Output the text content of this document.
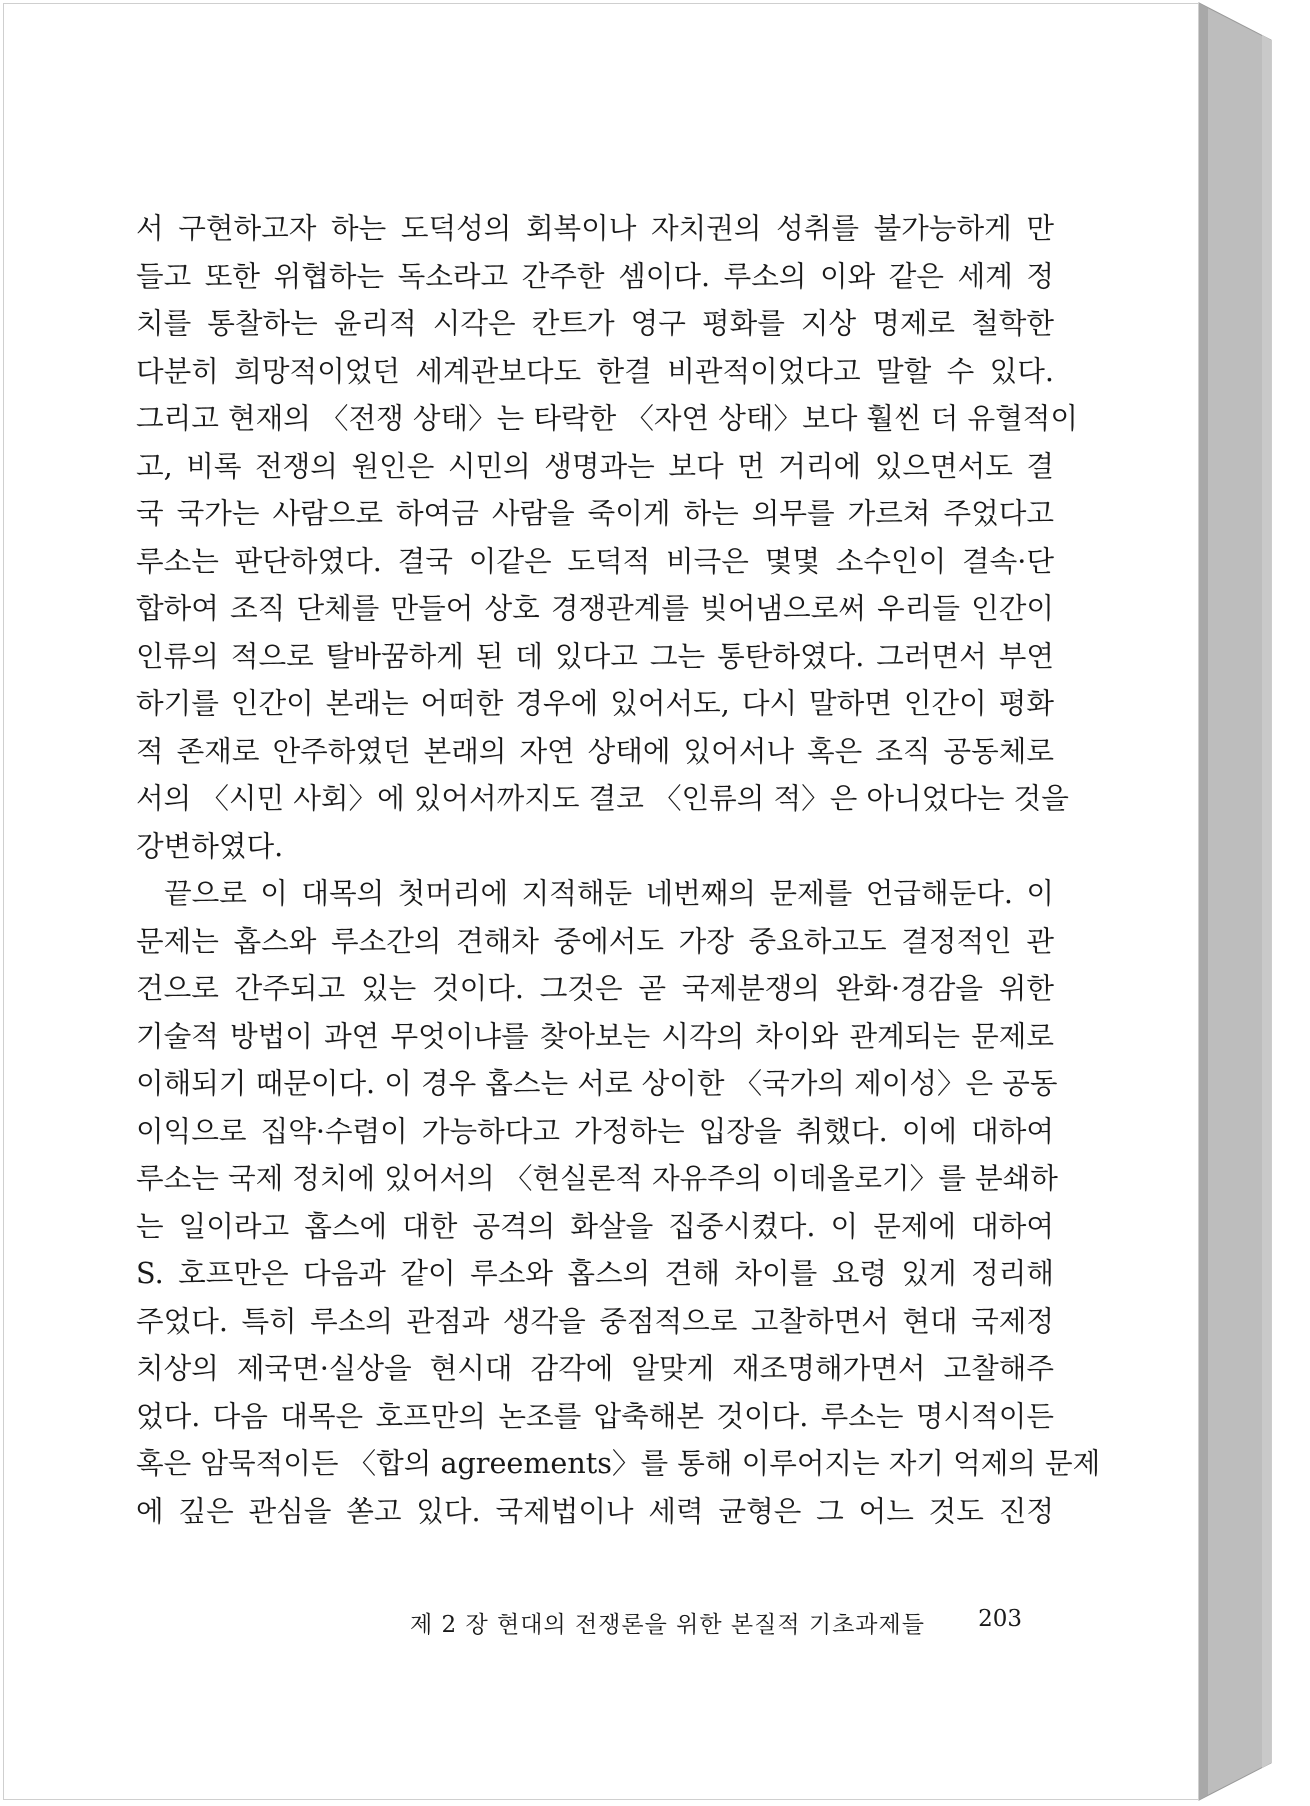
서 구현하고자 하는 도덕성의 회복이나 자치권의 성취를 불가능하게 만
들고 또한 위협하는 독소라고 간주한 셈이다. 루소의 이와 같은 세계 정
치를 통찰하는 윤리적 시각은 칸트가 영구 평화를 지상 명제로 철학한
다분히 희망적이었던 세계관보다도 한결 비관적이었다고 말할 수 있다.
그리고 현재의 〈전쟁 상태〉는 타락한 〈자연 상태〉보다 훨씬 더 유혈적이
고, 비록 전쟁의 원인은 시민의 생명과는 보다 먼 거리에 있으면서도 결
국 국가는 사람으로 하여금 사람을 죽이게 하는 의무를 가르쳐 주었다고
루소는 판단하였다. 결국 이같은 도덕적 비극은 몇몇 소수인이 결속·단
합하여 조직 단체를 만들어 상호 경쟁관계를 빚어냄으로써 우리들 인간이
인류의 적으로 탈바꿈하게 된 데 있다고 그는 통탄하였다. 그러면서 부연
하기를 인간이 본래는 어떠한 경우에 있어서도, 다시 말하면 인간이 평화
적 존재로 안주하였던 본래의 자연 상태에 있어서나 혹은 조직 공동체로
서의 〈시민 사회〉에 있어서까지도 결코 〈인류의 적〉은 아니었다는 것을
강변하였다.
끝으로 이 대목의 첫머리에 지적해둔 네번째의 문제를 언급해둔다. 이
문제는 홉스와 루소간의 견해차 중에서도 가장 중요하고도 결정적인 관
건으로 간주되고 있는 것이다. 그것은 곧 국제분쟁의 완화·경감을 위한
기술적 방법이 과연 무엇이냐를 찾아보는 시각의 차이와 관계되는 문제로
이해되기 때문이다. 이 경우 홉스는 서로 상이한 〈국가의 제이성〉은 공동
이익으로 집약·수렴이 가능하다고 가정하는 입장을 취했다. 이에 대하여
루소는 국제 정치에 있어서의 〈현실론적 자유주의 이데올로기〉를 분쇄하
는 일이라고 홉스에 대한 공격의 화살을 집중시켰다. 이 문제에 대하여
S. 호프만은 다음과 같이 루소와 홉스의 견해 차이를 요령 있게 정리해
주었다. 특히 루소의 관점과 생각을 중점적으로 고찰하면서 현대 국제정
치상의 제국면·실상을 현시대 감각에 알맞게 재조명해가면서 고찰해주
었다. 다음 대목은 호프만의 논조를 압축해본 것이다. 루소는 명시적이든
혹은 암묵적이든 〈합의 agreements〉를 통해 이루어지는 자기 억제의 문제
에 깊은 관심을 쏟고 있다. 국제법이나 세력 균형은 그 어느 것도 진정
제 2 장 현대의 전쟁론을 위한 본질적 기초과제들 203
